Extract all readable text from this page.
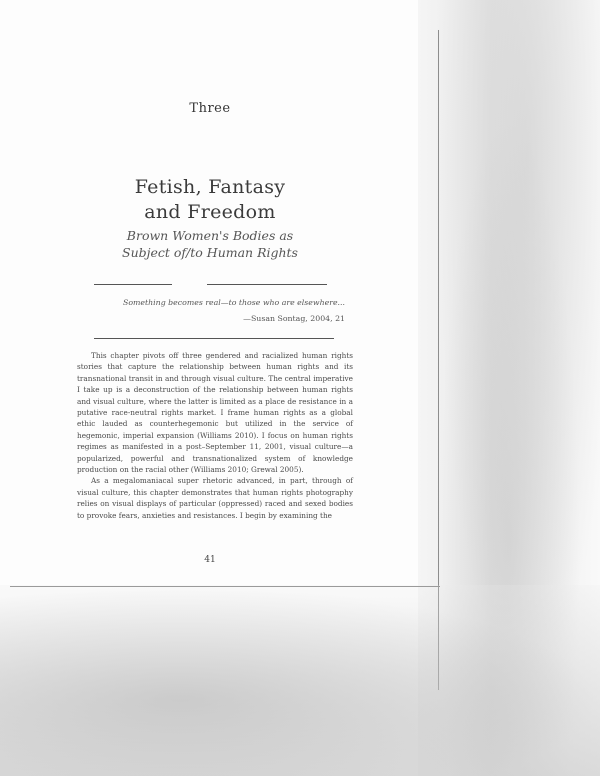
Three
Fetish, Fantasy
and Freedom
Brown Women's Bodies as
Subject of/to Human Rights
Something becomes real—to those who are elsewhere...
—Susan Sontag, 2004, 21

This chapter pivots off three gendered and racialized human rights stories that capture the relationship between human rights and its transnational transit in and through visual culture. The central imperative I take up is a deconstruction of the relationship between human rights and visual culture, where the latter is limited as a place de resistance in a putative race-neutral rights market. I frame human rights as a global ethic lauded as counterhegemonic but utilized in the service of hegemonic, imperial expansion (Williams 2010). I focus on human rights regimes as manifested in a post–September 11, 2001, visual culture—a popularized, powerful and transnationalized system of knowledge production on the racial other (Williams 2010; Grewal 2005).

As a megalomaniacal super rhetoric advanced, in part, through of visual culture, this chapter demonstrates that human rights photography relies on visual displays of particular (oppressed) raced and sexed bodies to provoke fears, anxieties and resistances. I begin by examining the

41
